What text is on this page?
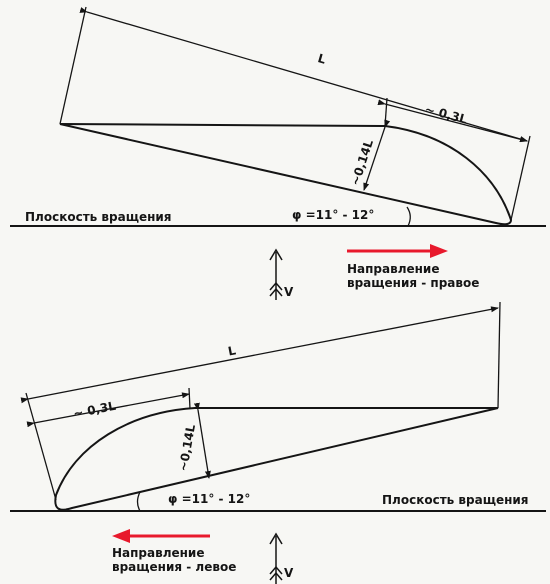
L
~ 0,3L
~0,14L
Плоскость вращения	φ =11° - 12°
Направление
вращения - правое
V
L
~ 0,3L
~0,14L
φ =11° - 12°	Плоскость вращения
Направление
вращения - левое	V
